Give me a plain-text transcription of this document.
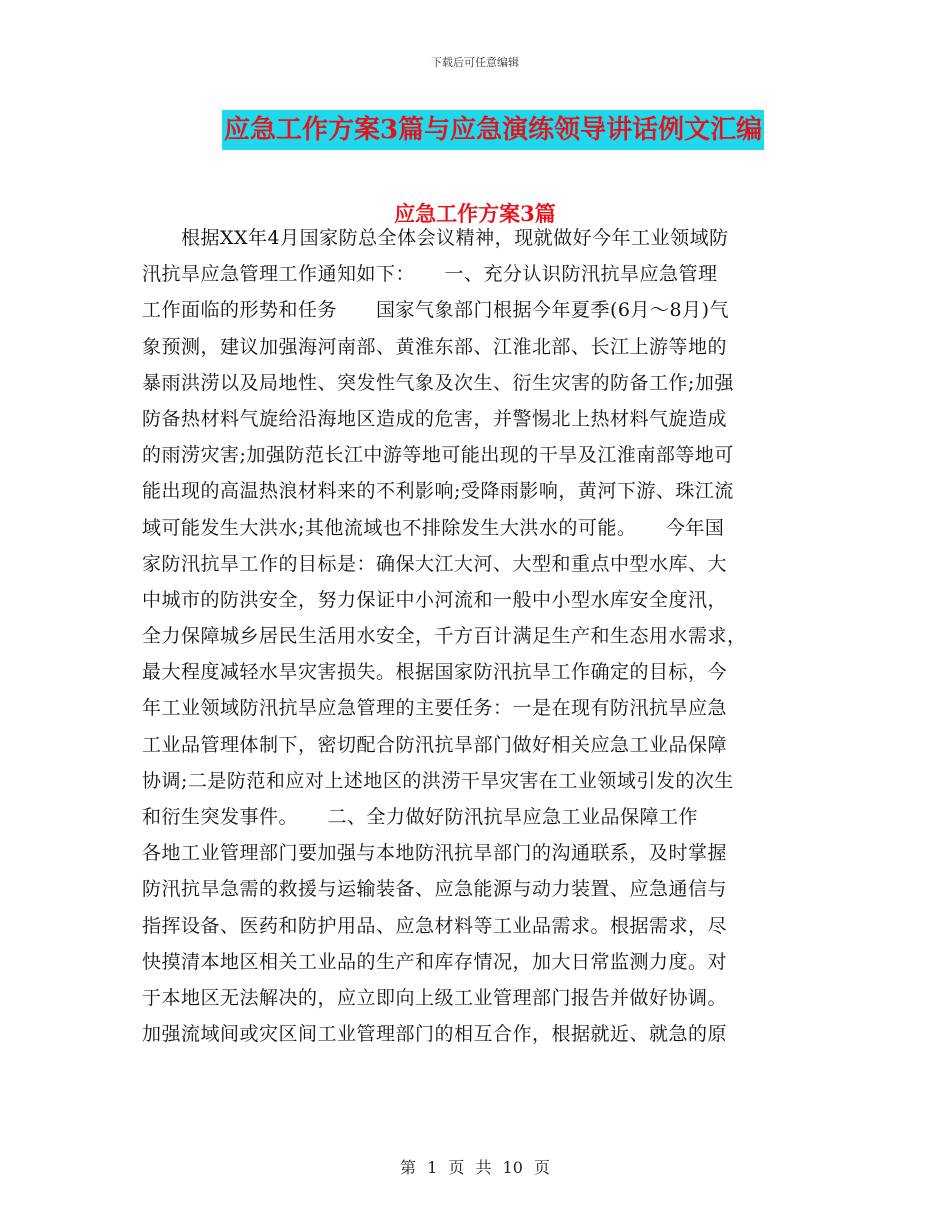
下载后可任意编辑
应急工作方案3篇与应急演练领导讲话例文汇编
应急工作方案3篇
　　根据XX年4月国家防总全体会议精神，现就做好今年工业领域防
汛抗旱应急管理工作通知如下：　　一、充分认识防汛抗旱应急管理
工作面临的形势和任务　　国家气象部门根据今年夏季(6月～8月)气
象预测，建议加强海河南部、黄淮东部、江淮北部、长江上游等地的
暴雨洪涝以及局地性、突发性气象及次生、衍生灾害的防备工作;加强
防备热材料气旋给沿海地区造成的危害，并警惕北上热材料气旋造成
的雨涝灾害;加强防范长江中游等地可能出现的干旱及江淮南部等地可
能出现的高温热浪材料来的不利影响;受降雨影响，黄河下游、珠江流
域可能发生大洪水;其他流域也不排除发生大洪水的可能。　　今年国
家防汛抗旱工作的目标是：确保大江大河、大型和重点中型水库、大
中城市的防洪安全，努力保证中小河流和一般中小型水库安全度汛，
全力保障城乡居民生活用水安全，千方百计满足生产和生态用水需求，
最大程度减轻水旱灾害损失。根据国家防汛抗旱工作确定的目标，今
年工业领域防汛抗旱应急管理的主要任务：一是在现有防汛抗旱应急
工业品管理体制下，密切配合防汛抗旱部门做好相关应急工业品保障
协调;二是防范和应对上述地区的洪涝干旱灾害在工业领域引发的次生
和衍生突发事件。　　二、全力做好防汛抗旱应急工业品保障工作
各地工业管理部门要加强与本地防汛抗旱部门的沟通联系，及时掌握
防汛抗旱急需的救援与运输装备、应急能源与动力装置、应急通信与
指挥设备、医药和防护用品、应急材料等工业品需求。根据需求，尽
快摸清本地区相关工业品的生产和库存情况，加大日常监测力度。对
于本地区无法解决的，应立即向上级工业管理部门报告并做好协调。
加强流域间或灾区间工业管理部门的相互合作，根据就近、就急的原
第 1 页 共 10 页
